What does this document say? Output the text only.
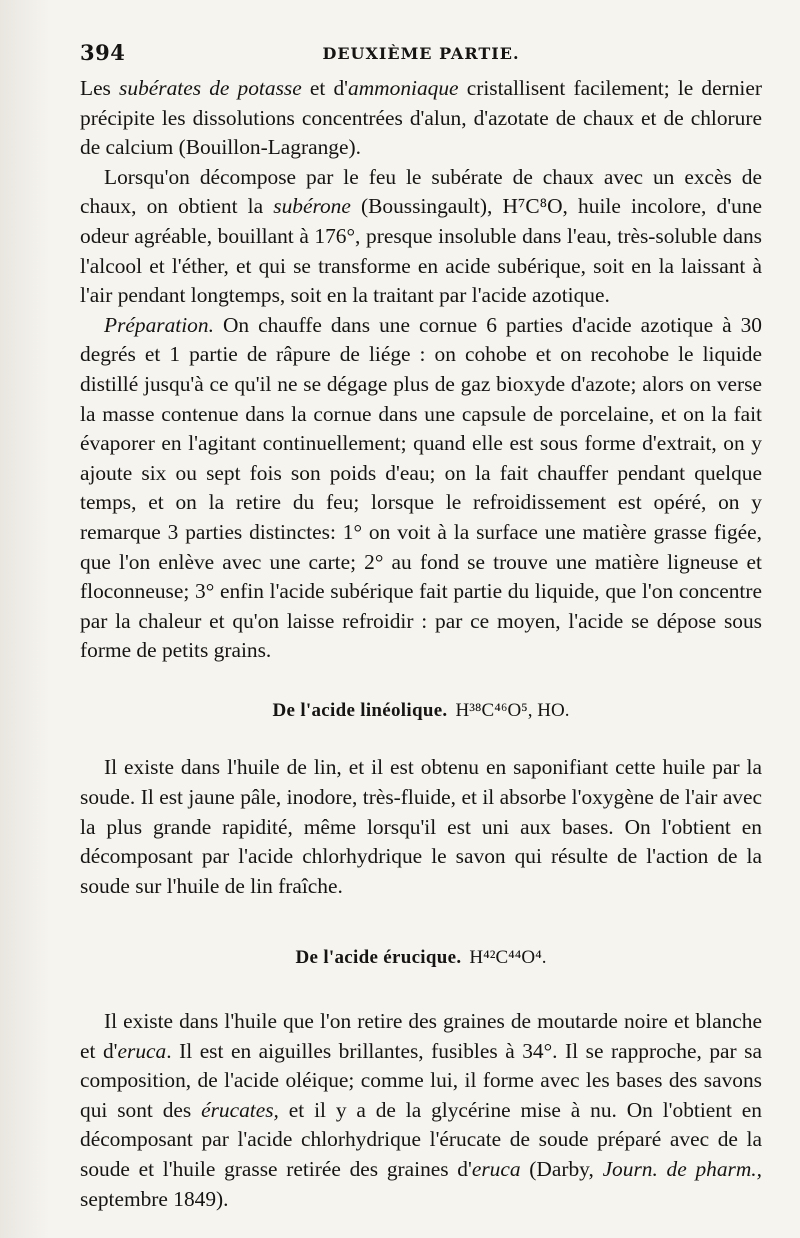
394	DEUXIÈME PARTIE.

Les subérates de potasse et d'ammoniaque cristallisent facilement; le dernier précipite les dissolutions concentrées d'alun, d'azotate de chaux et de chlorure de calcium (Bouillon-Lagrange).

Lorsqu'on décompose par le feu le subérate de chaux avec un excès de chaux, on obtient la subérone (Boussingault), H⁷C⁸O, huile incolore, d'une odeur agréable, bouillant à 176°, presque insoluble dans l'eau, très-soluble dans l'alcool et l'éther, et qui se transforme en acide subérique, soit en la laissant à l'air pendant longtemps, soit en la traitant par l'acide azotique.

Préparation. On chauffe dans une cornue 6 parties d'acide azotique à 30 degrés et 1 partie de râpure de liége : on cohobe et on recohobe le liquide distillé jusqu'à ce qu'il ne se dégage plus de gaz bioxyde d'azote; alors on verse la masse contenue dans la cornue dans une capsule de porcelaine, et on la fait évaporer en l'agitant continuellement; quand elle est sous forme d'extrait, on y ajoute six ou sept fois son poids d'eau; on la fait chauffer pendant quelque temps, et on la retire du feu; lorsque le refroidissement est opéré, on y remarque 3 parties distinctes: 1° on voit à la surface une matière grasse figée, que l'on enlève avec une carte; 2° au fond se trouve une matière ligneuse et floconneuse; 3° enfin l'acide subérique fait partie du liquide, que l'on concentre par la chaleur et qu'on laisse refroidir : par ce moyen, l'acide se dépose sous forme de petits grains.

De l'acide linéolique. H³⁸C⁴⁶O⁵, HO.

Il existe dans l'huile de lin, et il est obtenu en saponifiant cette huile par la soude. Il est jaune pâle, inodore, très-fluide, et il absorbe l'oxygène de l'air avec la plus grande rapidité, même lorsqu'il est uni aux bases. On l'obtient en décomposant par l'acide chlorhydrique le savon qui résulte de l'action de la soude sur l'huile de lin fraîche.

De l'acide érucique. H⁴²C⁴⁴O⁴.

Il existe dans l'huile que l'on retire des graines de moutarde noire et blanche et d'eruca. Il est en aiguilles brillantes, fusibles à 34°. Il se rapproche, par sa composition, de l'acide oléique; comme lui, il forme avec les bases des savons qui sont des érucates, et il y a de la glycérine mise à nu. On l'obtient en décomposant par l'acide chlorhydrique l'érucate de soude préparé avec de la soude et l'huile grasse retirée des graines d'eruca (Darby, Journ. de pharm., septembre 1849).
